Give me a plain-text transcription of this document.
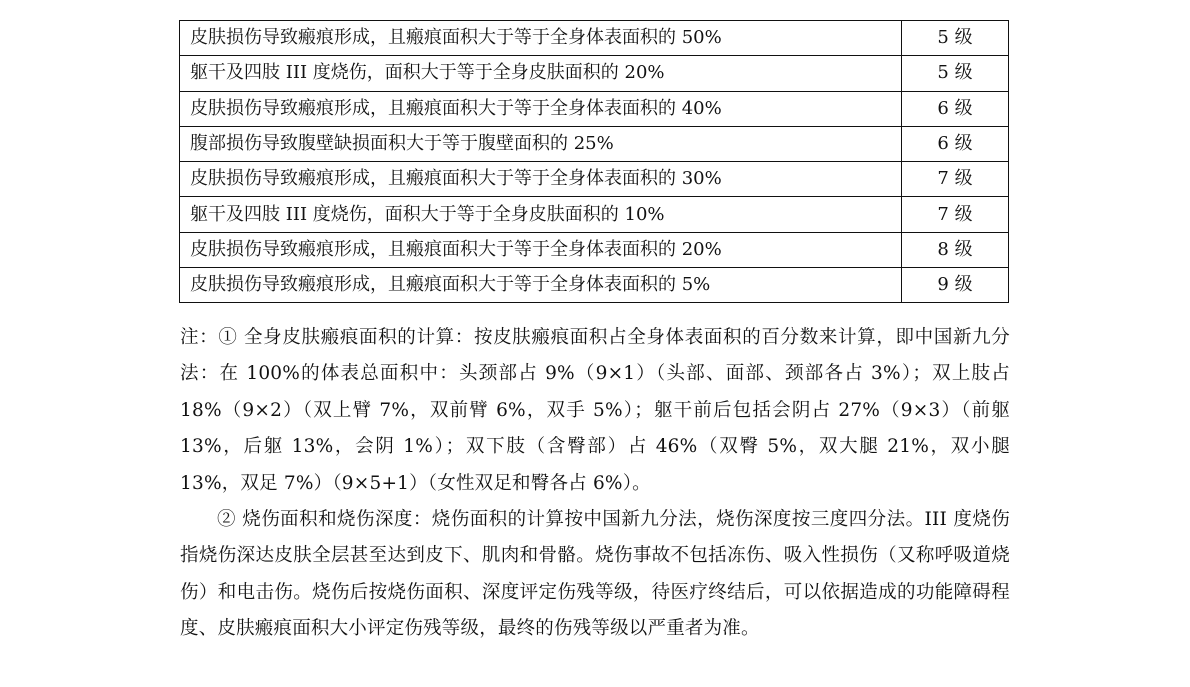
皮肤损伤导致瘢痕形成，且瘢痕面积大于等于全身体表面积的 50%	5 级
躯干及四肢 III 度烧伤，面积大于等于全身皮肤面积的 20%	5 级
皮肤损伤导致瘢痕形成，且瘢痕面积大于等于全身体表面积的 40%	6 级
腹部损伤导致腹壁缺损面积大于等于腹壁面积的 25%	6 级
皮肤损伤导致瘢痕形成，且瘢痕面积大于等于全身体表面积的 30%	7 级
躯干及四肢 III 度烧伤，面积大于等于全身皮肤面积的 10%	7 级
皮肤损伤导致瘢痕形成，且瘢痕面积大于等于全身体表面积的 20%	8 级
皮肤损伤导致瘢痕形成，且瘢痕面积大于等于全身体表面积的 5%	9 级

注：① 全身皮肤瘢痕面积的计算：按皮肤瘢痕面积占全身体表面积的百分数来计算，即中国新九分法：在 100%的体表总面积中：头颈部占 9%（9×1）（头部、面部、颈部各占 3%）；双上肢占 18%（9×2）（双上臂 7%，双前臂 6%，双手 5%）；躯干前后包括会阴占 27%（9×3）（前躯 13%，后躯 13%，会阴 1%）；双下肢（含臀部）占 46%（双臀 5%，双大腿 21%，双小腿 13%，双足 7%）（9×5+1）（女性双足和臀各占 6%）。

② 烧伤面积和烧伤深度：烧伤面积的计算按中国新九分法，烧伤深度按三度四分法。III 度烧伤指烧伤深达皮肤全层甚至达到皮下、肌肉和骨骼。烧伤事故不包括冻伤、吸入性损伤（又称呼吸道烧伤）和电击伤。烧伤后按烧伤面积、深度评定伤残等级，待医疗终结后，可以依据造成的功能障碍程度、皮肤瘢痕面积大小评定伤残等级，最终的伤残等级以严重者为准。
